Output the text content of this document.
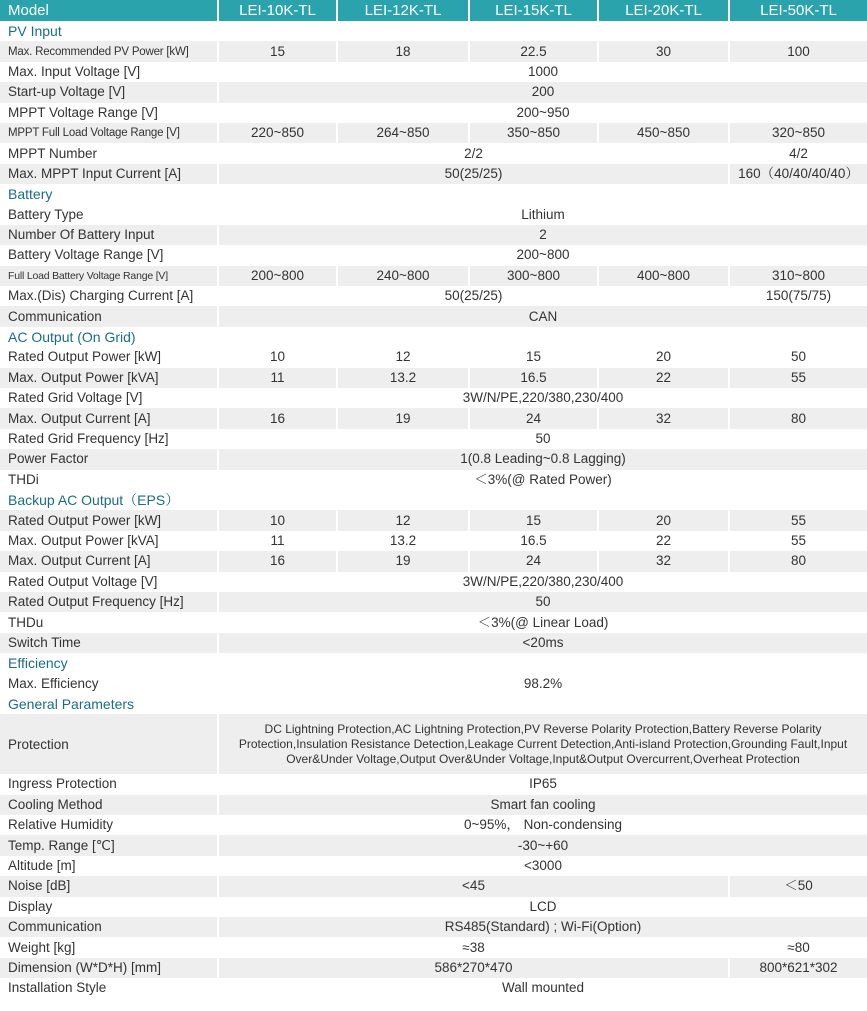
Model	LEI-10K-TL	LEI-12K-TL	LEI-15K-TL	LEI-20K-TL	LEI-50K-TL
PV Input					
Max. Recommended PV Power [kW]	15	18	22.5	30	100
Max. Input Voltage [V]	1000				
Start-up Voltage [V]	200				
MPPT Voltage Range [V]	200~950				
MPPT Full Load Voltage Range [V]	220~850	264~850	350~850	450~850	320~850
MPPT Number	2/2				4/2
Max. MPPT Input Current [A]	50(25/25)				160（40/40/40/40）
Battery					
Battery Type	Lithium				
Number Of Battery Input	2				
Battery Voltage Range [V]	200~800				
Full Load Battery Voltage Range [V]	200~800	240~800	300~800	400~800	310~800
Max.(Dis) Charging Current [A]	50(25/25)				150(75/75)
Communication	CAN				
AC Output (On Grid)					
Rated Output Power [kW]	10	12	15	20	50
Max. Output Power [kVA]	11	13.2	16.5	22	55
Rated Grid Voltage [V]	3W/N/PE,220/380,230/400				
Max. Output Current [A]	16	19	24	32	80
Rated Grid Frequency [Hz]	50				
Power Factor	1(0.8 Leading~0.8 Lagging)				
THDi	＜3%(@ Rated Power)				
Backup AC Output（EPS）					
Rated Output Power [kW]	10	12	15	20	55
Max. Output Power [kVA]	11	13.2	16.5	22	55
Max. Output Current [A]	16	19	24	32	80
Rated Output Voltage [V]	3W/N/PE,220/380,230/400				
Rated Output Frequency [Hz]	50				
THDu	＜3%(@ Linear Load)				
Switch Time	<20ms				
Efficiency					
Max. Efficiency	98.2%				
General Parameters					
Protection	DC Lightning Protection,AC Lightning Protection,PV Reverse Polarity Protection,Battery Reverse Polarity Protection,Insulation Resistance Detection,Leakage Current Detection,Anti-island Protection,Grounding Fault,Input Over&Under Voltage,Output Over&Under Voltage,Input&Output Overcurrent,Overheat Protection				
Ingress Protection	IP65				
Cooling Method	Smart fan cooling				
Relative Humidity	0~95%， Non-condensing				
Temp. Range [℃]	-30~+60				
Altitude [m]	<3000				
Noise [dB]	<45				＜50
Display	LCD				
Communication	RS485(Standard) ; Wi-Fi(Option)				
Weight [kg]	≈38				≈80
Dimension (W*D*H) [mm]	586*270*470				800*621*302
Installation Style	Wall mounted				
